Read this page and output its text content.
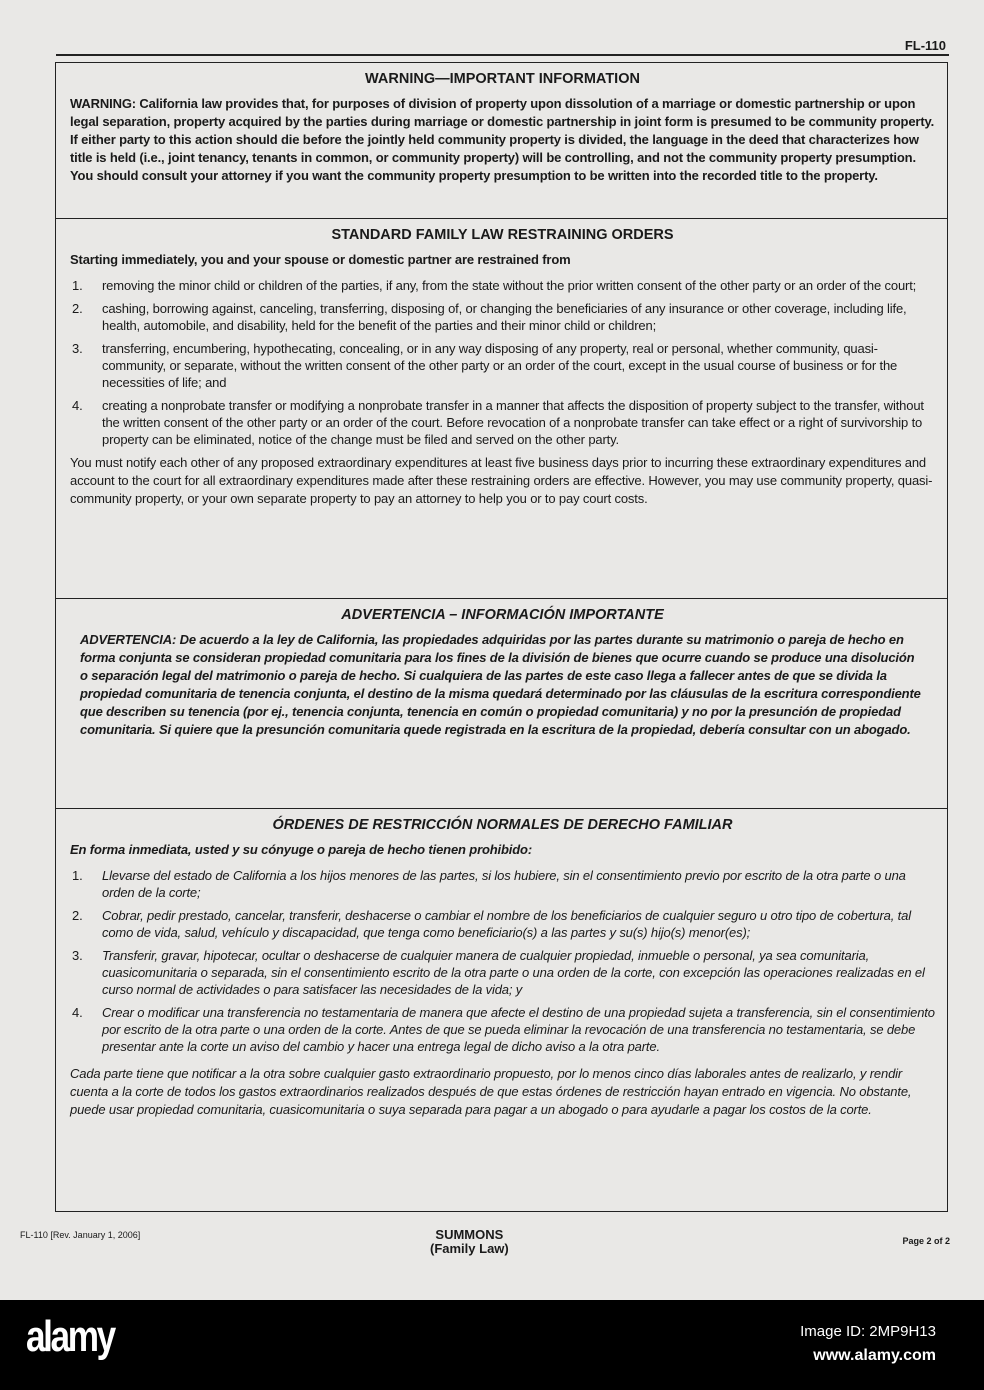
FL-110
WARNING—IMPORTANT INFORMATION

WARNING: California law provides that, for purposes of division of property upon dissolution of a marriage or domestic partnership or upon legal separation, property acquired by the parties during marriage or domestic partnership in joint form is presumed to be community property. If either party to this action should die before the jointly held community property is divided, the language in the deed that characterizes how title is held (i.e., joint tenancy, tenants in common, or community property) will be controlling, and not the community property presumption. You should consult your attorney if you want the community property presumption to be written into the recorded title to the property.

STANDARD FAMILY LAW RESTRAINING ORDERS

Starting immediately, you and your spouse or domestic partner are restrained from

1.	removing the minor child or children of the parties, if any, from the state without the prior written consent of the other party or an order of the court;
2.	cashing, borrowing against, canceling, transferring, disposing of, or changing the beneficiaries of any insurance or other coverage, including life, health, automobile, and disability, held for the benefit of the parties and their minor child or children;
3.	transferring, encumbering, hypothecating, concealing, or in any way disposing of any property, real or personal, whether community, quasi-community, or separate, without the written consent of the other party or an order of the court, except in the usual course of business or for the necessities of life; and
4.	creating a nonprobate transfer or modifying a nonprobate transfer in a manner that affects the disposition of property subject to the transfer, without the written consent of the other party or an order of the court. Before revocation of a nonprobate transfer can take effect or a right of survivorship to property can be eliminated, notice of the change must be filed and served on the other party.

You must notify each other of any proposed extraordinary expenditures at least five business days prior to incurring these extraordinary expenditures and account to the court for all extraordinary expenditures made after these restraining orders are effective. However, you may use community property, quasi-community property, or your own separate property to pay an attorney to help you or to pay court costs.

ADVERTENCIA – INFORMACIÓN IMPORTANTE

ADVERTENCIA: De acuerdo a la ley de California, las propiedades adquiridas por las partes durante su matrimonio o pareja de hecho en forma conjunta se consideran propiedad comunitaria para los fines de la división de bienes que ocurre cuando se produce una disolución o separación legal del matrimonio o pareja de hecho. Si cualquiera de las partes de este caso llega a fallecer antes de que se divida la propiedad comunitaria de tenencia conjunta, el destino de la misma quedará determinado por las cláusulas de la escritura correspondiente que describen su tenencia (por ej., tenencia conjunta, tenencia en común o propiedad comunitaria) y no por la presunción de propiedad comunitaria. Si quiere que la presunción comunitaria quede registrada en la escritura de la propiedad, debería consultar con un abogado.

ÓRDENES DE RESTRICCIÓN NORMALES DE DERECHO FAMILIAR

En forma inmediata, usted y su cónyuge o pareja de hecho tienen prohibido:

1.	Llevarse del estado de California a los hijos menores de las partes, si los hubiere, sin el consentimiento previo por escrito de la otra parte o una orden de la corte;
2.	Cobrar, pedir prestado, cancelar, transferir, deshacerse o cambiar el nombre de los beneficiarios de cualquier seguro u otro tipo de cobertura, tal como de vida, salud, vehículo y discapacidad, que tenga como beneficiario(s) a las partes y su(s) hijo(s) menor(es);
3.	Transferir, gravar, hipotecar, ocultar o deshacerse de cualquier manera de cualquier propiedad, inmueble o personal, ya sea comunitaria, cuasicomunitaria o separada, sin el consentimiento escrito de la otra parte o una orden de la corte, con excepción las operaciones realizadas en el curso normal de actividades o para satisfacer las necesidades de la vida; y
4.	Crear o modificar una transferencia no testamentaria de manera que afecte el destino de una propiedad sujeta a transferencia, sin el consentimiento por escrito de la otra parte o una orden de la corte. Antes de que se pueda eliminar la revocación de una transferencia no testamentaria, se debe presentar ante la corte un aviso del cambio y hacer una entrega legal de dicho aviso a la otra parte.

Cada parte tiene que notificar a la otra sobre cualquier gasto extraordinario propuesto, por lo menos cinco días laborales antes de realizarlo, y rendir cuenta a la corte de todos los gastos extraordinarios realizados después de que estas órdenes de restricción hayan entrado en vigencia. No obstante, puede usar propiedad comunitaria, cuasicomunitaria o suya separada para pagar a un abogado o para ayudarle a pagar los costos de la corte.

FL-110 [Rev. January 1, 2006]	SUMMONS
(Family Law)	Page 2 of 2
alamy	Image ID: 2MP9H13
www.alamy.com
